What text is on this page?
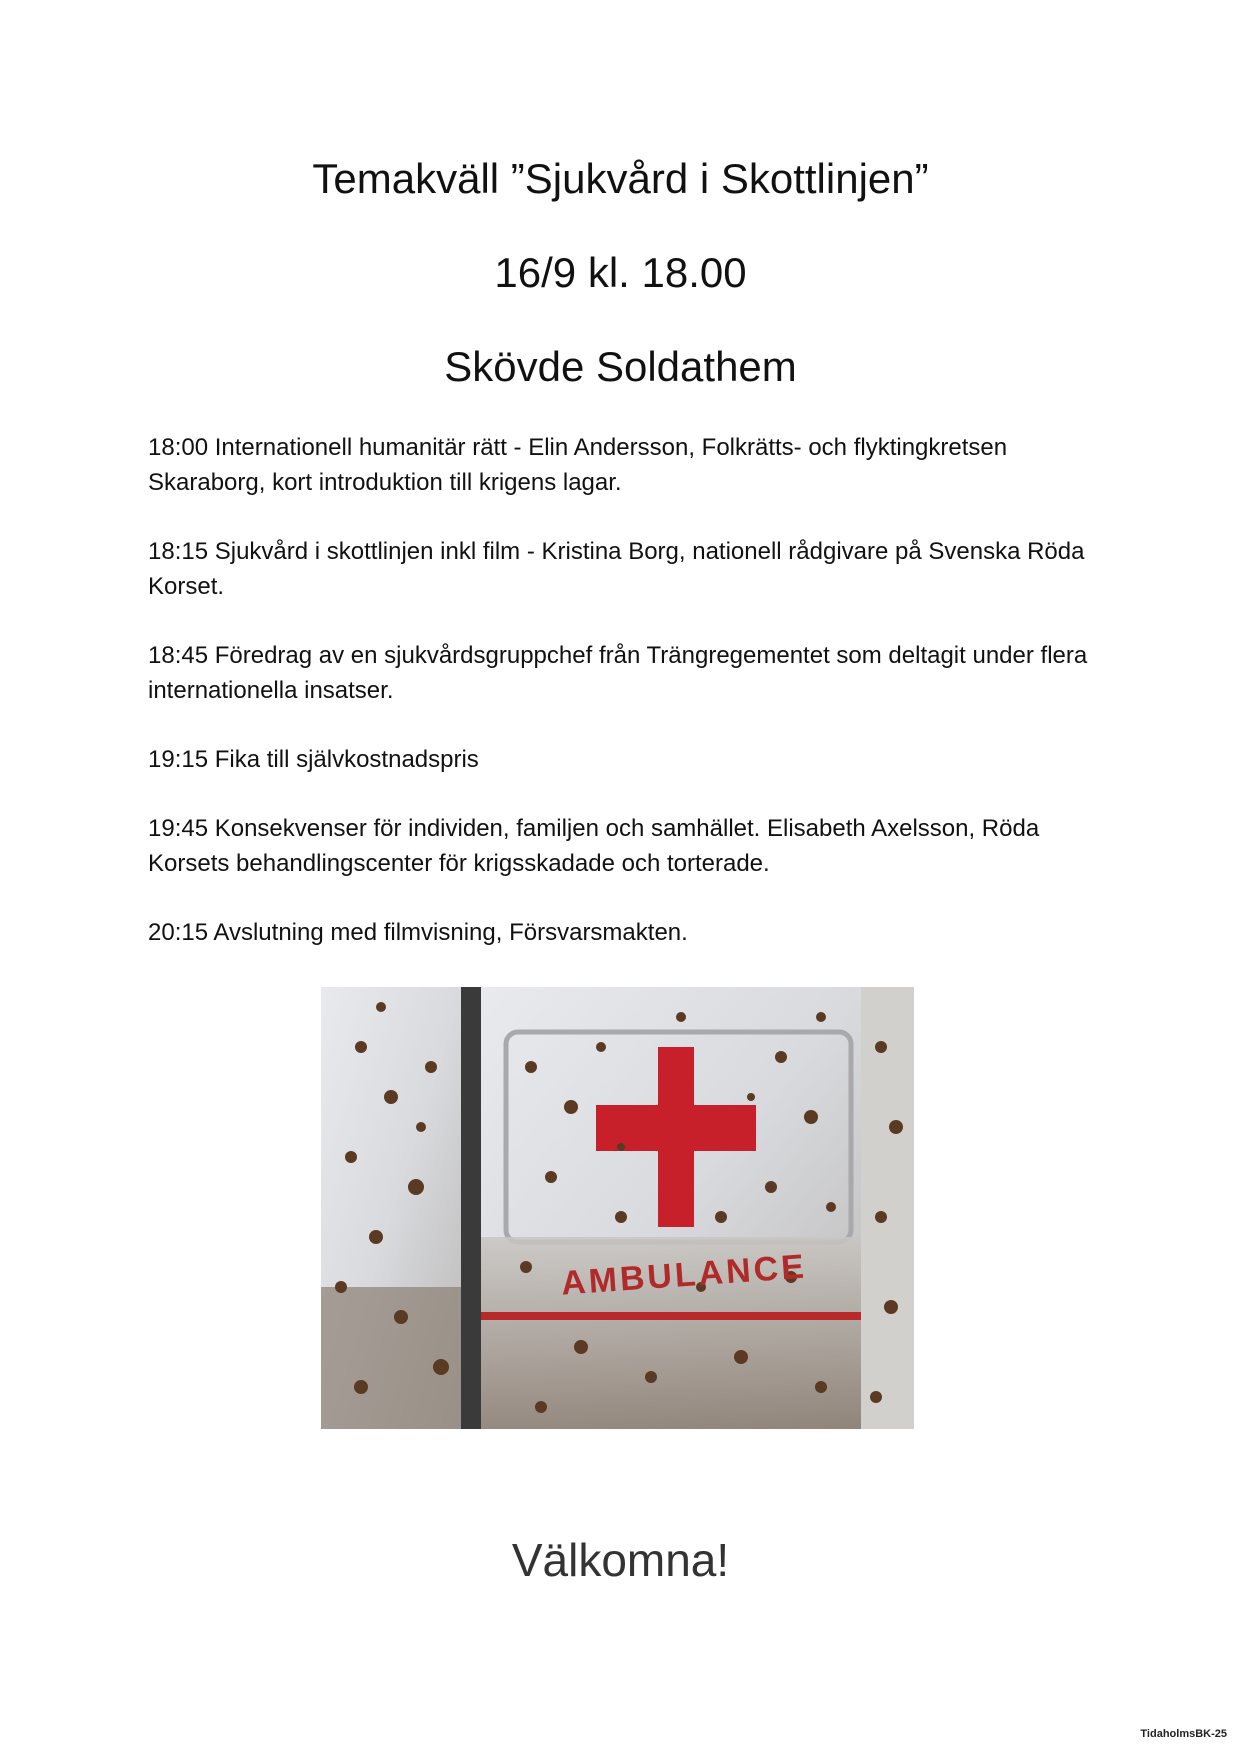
Temakväll ”Sjukvård i Skottlinjen”
16/9 kl. 18.00
Skövde Soldathem
18:00 Internationell humanitär rätt - Elin Andersson, Folkrätts- och flyktingkretsen Skaraborg, kort introduktion till krigens lagar.
18:15 Sjukvård i skottlinjen inkl film - Kristina Borg, nationell rådgivare på Svenska Röda Korset.
18:45 Föredrag av en sjukvårdsgruppchef från Trängregementet som deltagit under flera internationella insatser.
19:15 Fika till självkostnadspris
19:45 Konsekvenser för individen, familjen och samhället. Elisabeth Axelsson, Röda Korsets behandlingscenter för krigsskadade och torterade.
20:15 Avslutning med filmvisning, Försvarsmakten.
AMBULANCE

Välkomna!

TidaholmsBK-25
